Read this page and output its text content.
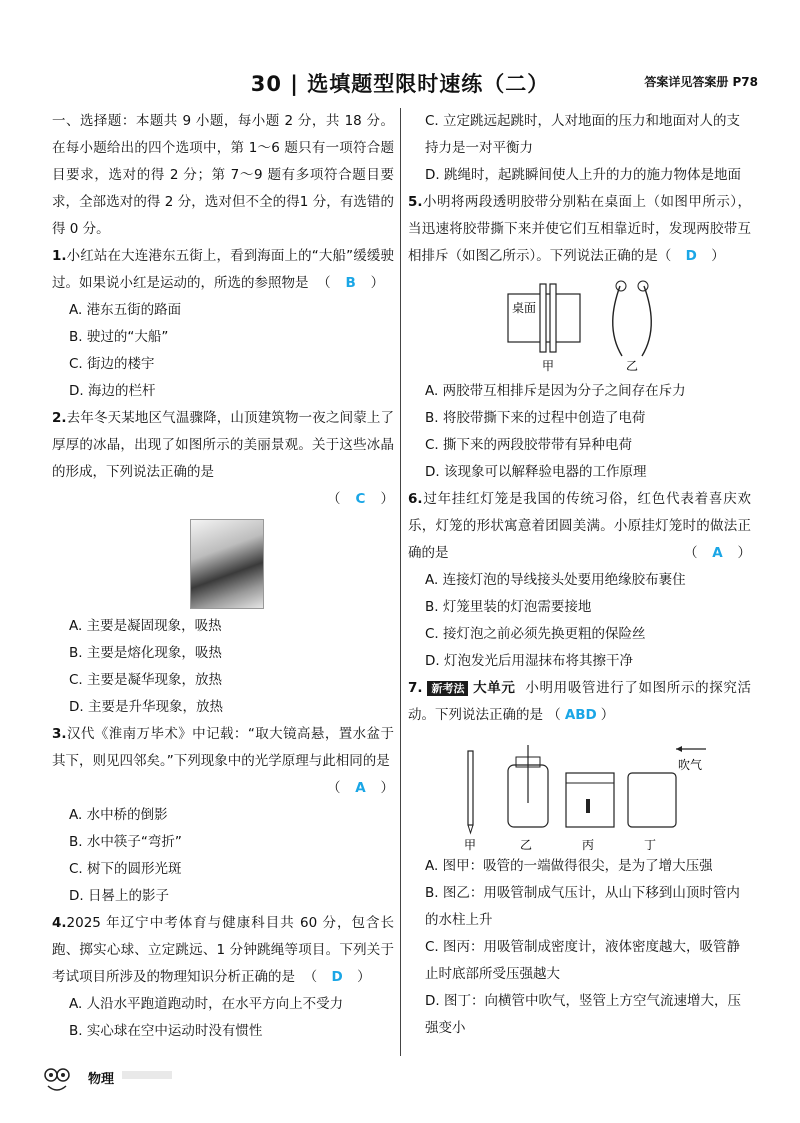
30 | 选填题型限时速练（二）	答案详见答案册 P78

一、选择题：本题共 9 小题，每小题 2 分，共 18 分。在每小题给出的四个选项中，第 1～6 题只有一项符合题目要求，选对的得 2 分；第 7～9 题有多项符合题目要求，全部选对的得 2 分，选对但不全的得1 分，有选错的得 0 分。

1.小红站在大连港东五街上，看到海面上的“大船”缓缓驶过。如果说小红是运动的，所选的参照物是  （ B ）

A. 港东五街的路面

B. 驶过的“大船”

C. 街边的楼宇

D. 海边的栏杆

2.去年冬天某地区气温骤降，山顶建筑物一夜之间蒙上了厚厚的冰晶，出现了如图所示的美丽景观。关于这些冰晶的形成，下列说法正确的是

（ C ）

A. 主要是凝固现象，吸热

B. 主要是熔化现象，吸热

C. 主要是凝华现象，放热

D. 主要是升华现象，放热

3.汉代《淮南万毕术》中记载：“取大镜高悬，置水盆于其下，则见四邻矣。”下列现象中的光学原理与此相同的是

（ A ）

A. 水中桥的倒影

B. 水中筷子“弯折”

C. 树下的圆形光斑

D. 日晷上的影子

4.2025 年辽宁中考体育与健康科目共 60 分，包含长跑、掷实心球、立定跳远、1 分钟跳绳等项目。下列关于考试项目所涉及的物理知识分析正确的是  （ D ）

A. 人沿水平跑道跑动时，在水平方向上不受力

B. 实心球在空中运动时没有惯性

C. 立定跳远起跳时，人对地面的压力和地面对人的支持力是一对平衡力

D. 跳绳时，起跳瞬间使人上升的力的施力物体是地面

5.小明将两段透明胶带分别粘在桌面上（如图甲所示），当迅速将胶带撕下来并使它们互相靠近时，发现两胶带互相排斥（如图乙所示）。下列说法正确的是（ D ）

桌面
甲	乙

A. 两胶带互相排斥是因为分子之间存在斥力

B. 将胶带撕下来的过程中创造了电荷

C. 撕下来的两段胶带带有异种电荷

D. 该现象可以解释验电器的工作原理

6.过年挂红灯笼是我国的传统习俗，红色代表着喜庆欢乐，灯笼的形状寓意着团圆美满。小原挂灯笼时的做法正确的是	（ A ）

A. 连接灯泡的导线接头处要用绝缘胶布裹住

B. 灯笼里装的灯泡需要接地

C. 接灯泡之前必须先换更粗的保险丝

D. 灯泡发光后用湿抹布将其擦干净

7. 新考法 大单元 小明用吸管进行了如图所示的探究活动。下列说法正确的是 （ ABD ）

甲	乙	丙	丁
吹气

A. 图甲：吸管的一端做得很尖，是为了增大压强

B. 图乙：用吸管制成气压计，从山下移到山顶时管内的水柱上升

C. 图丙：用吸管制成密度计，液体密度越大，吸管静止时底部所受压强越大

D. 图丁：向横管中吹气，竖管上方空气流速增大，压强变小

物理
